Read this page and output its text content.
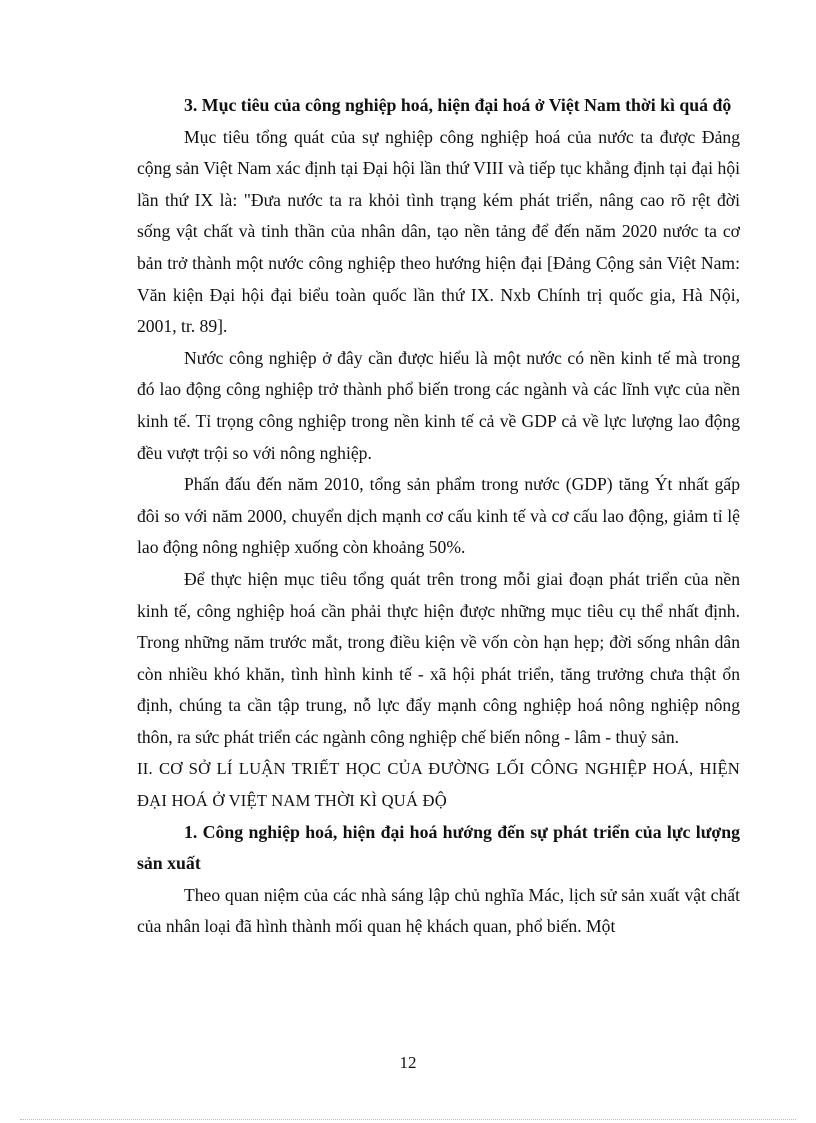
3. Mục tiêu của công nghiệp hoá, hiện đại hoá ở Việt Nam thời kì quá độ

Mục tiêu tổng quát của sự nghiệp công nghiệp hoá của nước ta được Đảng cộng sản Việt Nam xác định tại Đại hội lần thứ VIII và tiếp tục khẳng định tại đại hội lần thứ IX là: "Đưa nước ta ra khỏi tình trạng kém phát triển, nâng cao rõ rệt đời sống vật chất và tinh thần của nhân dân, tạo nền tảng để đến năm 2020 nước ta cơ bản trở thành một nước công nghiệp theo hướng hiện đại [Đảng Cộng sản Việt Nam: Văn kiện Đại hội đại biểu toàn quốc lần thứ IX. Nxb Chính trị quốc gia, Hà Nội, 2001, tr. 89].

Nước công nghiệp ở đây cần được hiểu là một nước có nền kinh tế mà trong đó lao động công nghiệp trở thành phổ biến trong các ngành và các lĩnh vực của nền kinh tế. Tỉ trọng công nghiệp trong nền kinh tế cả về GDP cả về lực lượng lao động đều vượt trội so với nông nghiệp.

Phấn đấu đến năm 2010, tổng sản phẩm trong nước (GDP) tăng Ýt nhất gấp đôi so với năm 2000, chuyển dịch mạnh cơ cấu kinh tế và cơ cấu lao động, giảm tỉ lệ lao động nông nghiệp xuống còn khoảng 50%.

Để thực hiện mục tiêu tổng quát trên trong mỗi giai đoạn phát triển của nền kinh tế, công nghiệp hoá cần phải thực hiện được những mục tiêu cụ thể nhất định. Trong những năm trước mắt, trong điều kiện về vốn còn hạn hẹp; đời sống nhân dân còn nhiều khó khăn, tình hình kinh tế - xã hội phát triển, tăng trưởng chưa thật ổn định, chúng ta cần tập trung, nỗ lực đẩy mạnh công nghiệp hoá nông nghiệp nông thôn, ra sức phát triển các ngành công nghiệp chế biến nông - lâm - thuỷ sản.

II. CƠ SỞ LÍ LUẬN TRIẾT HỌC CỦA ĐƯỜNG LỐI CÔNG NGHIỆP HOÁ, HIỆN ĐẠI HOÁ Ở VIỆT NAM THỜI KÌ QUÁ ĐỘ

1. Công nghiệp hoá, hiện đại hoá hướng đến sự phát triển của lực lượng sản xuất

Theo quan niệm của các nhà sáng lập chủ nghĩa Mác, lịch sử sản xuất vật chất của nhân loại đã hình thành mối quan hệ khách quan, phổ biến. Một

12
